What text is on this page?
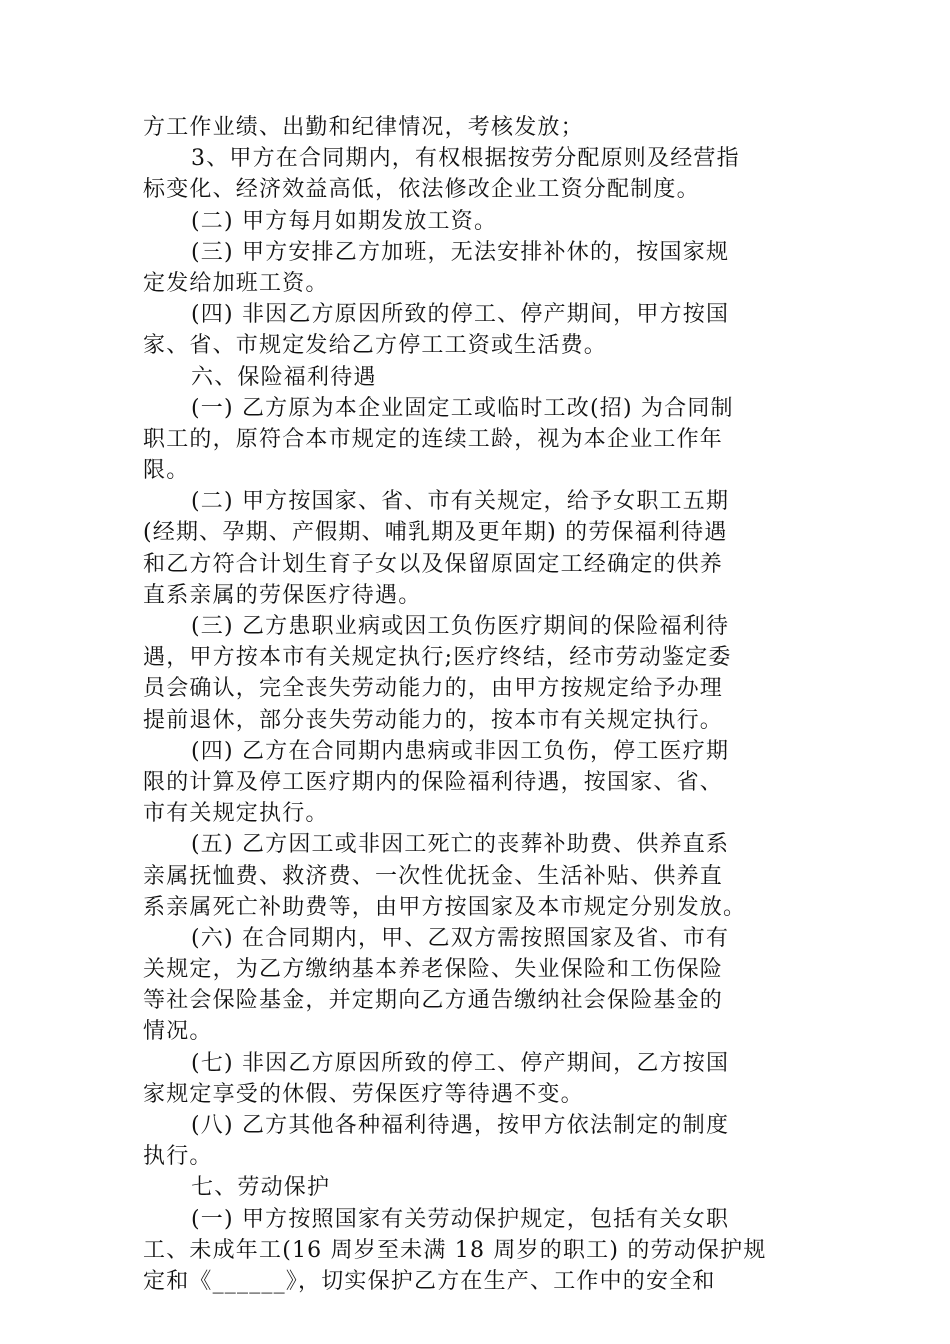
方工作业绩、出勤和纪律情况，考核发放；
3、甲方在合同期内，有权根据按劳分配原则及经营指
标变化、经济效益高低，依法修改企业工资分配制度。
(二) 甲方每月如期发放工资。
(三) 甲方安排乙方加班，无法安排补休的，按国家规
定发给加班工资。
(四) 非因乙方原因所致的停工、停产期间，甲方按国
家、省、市规定发给乙方停工工资或生活费。
六、保险福利待遇
(一) 乙方原为本企业固定工或临时工改(招) 为合同制
职工的，原符合本市规定的连续工龄，视为本企业工作年
限。
(二) 甲方按国家、省、市有关规定，给予女职工五期
(经期、孕期、产假期、哺乳期及更年期) 的劳保福利待遇
和乙方符合计划生育子女以及保留原固定工经确定的供养
直系亲属的劳保医疗待遇。
(三) 乙方患职业病或因工负伤医疗期间的保险福利待
遇，甲方按本市有关规定执行;医疗终结，经市劳动鉴定委
员会确认，完全丧失劳动能力的，由甲方按规定给予办理
提前退休，部分丧失劳动能力的，按本市有关规定执行。
(四) 乙方在合同期内患病或非因工负伤，停工医疗期
限的计算及停工医疗期内的保险福利待遇，按国家、省、
市有关规定执行。
(五) 乙方因工或非因工死亡的丧葬补助费、供养直系
亲属抚恤费、救济费、一次性优抚金、生活补贴、供养直
系亲属死亡补助费等，由甲方按国家及本市规定分别发放。
(六) 在合同期内，甲、乙双方需按照国家及省、市有
关规定，为乙方缴纳基本养老保险、失业保险和工伤保险
等社会保险基金，并定期向乙方通告缴纳社会保险基金的
情况。
(七) 非因乙方原因所致的停工、停产期间，乙方按国
家规定享受的休假、劳保医疗等待遇不变。
(八) 乙方其他各种福利待遇，按甲方依法制定的制度
执行。
七、劳动保护
(一) 甲方按照国家有关劳动保护规定，包括有关女职
工、未成年工(16 周岁至未满 18 周岁的职工) 的劳动保护规
定和《______》，切实保护乙方在生产、工作中的安全和
